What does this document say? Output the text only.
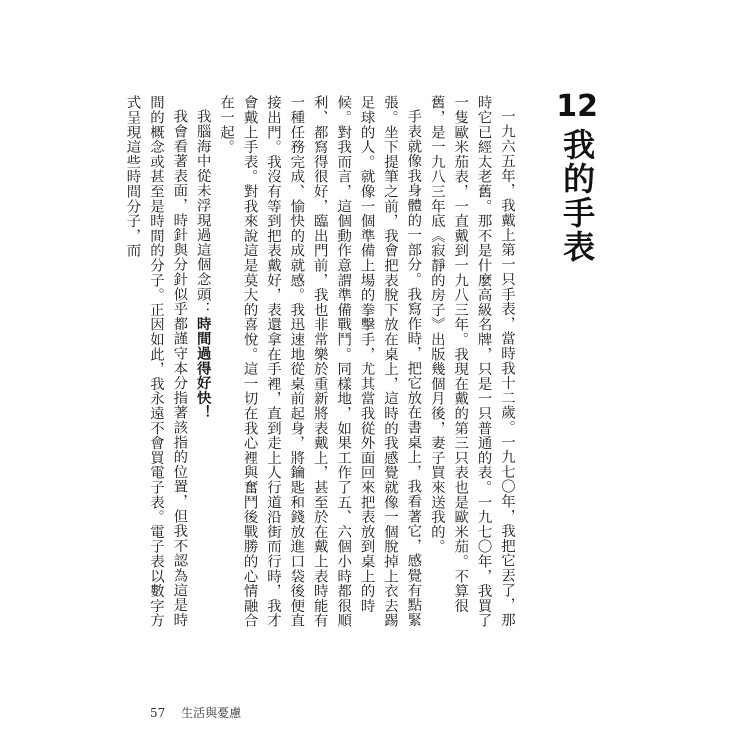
12
我的手表

一九六五年，我戴上第一只手表，當時我十二歲。一九七〇年，我把它丟了，那時它已經太老舊。那不是什麼高級名牌，只是一只普通的表。一九七〇年，我買了一隻歐米茄表，一直戴到一九八三年。我現在戴的第三只表也是歐米茄。不算很舊，是一九八三年底《寂靜的房子》出版幾個月後，妻子買來送我的。

手表就像我身體的一部分。我寫作時，把它放在書桌上，我看著它，感覺有點緊張。坐下提筆之前，我會把表脫下放在桌上，這時的我感覺就像一個脫掉上衣去踢足球的人。就像一個準備上場的拳擊手，尤其當我從外面回來把表放到桌上的時候。對我而言，這個動作意謂準備戰鬥。同樣地，如果工作了五、六個小時都很順利、都寫得很好，臨出門前，我也非常樂於重新將表戴上，甚至於在戴上表時能有一種任務完成、愉快的成就感。我迅速地從桌前起身，將鑰匙和錢放進口袋後便直接出門。我沒有等到把表戴好，表還拿在手裡，直到走上人行道沿街而行時，我才會戴上手表。對我來說這是莫大的喜悅。這一切在我心裡與奮鬥後戰勝的心情融合在一起。

我腦海中從未浮現過這個念頭：時間過得好快！

我會看著表面，時針與分針似乎都謹守本分指著該指的位置，但我不認為這是時間的概念或甚至是時間的分子。正因如此，我永遠不會買電子表。電子表以數字方式呈現這些時間分子，而

57 生活與憂慮
